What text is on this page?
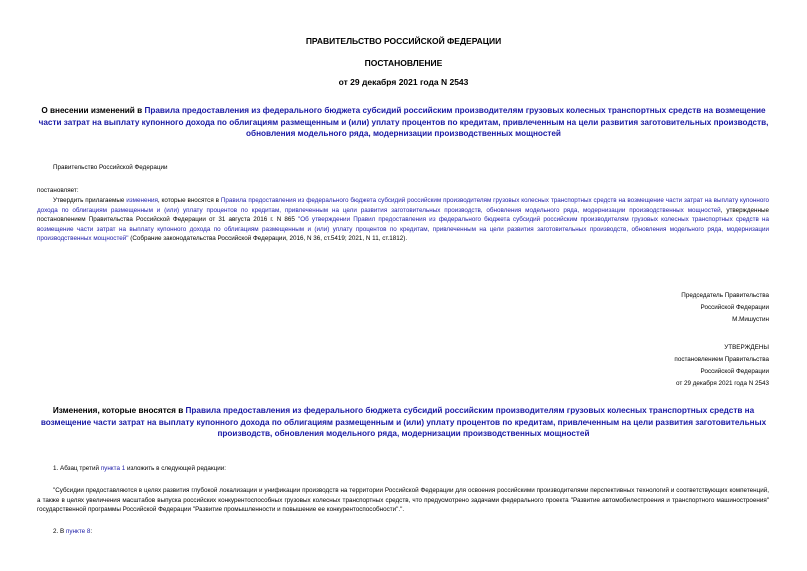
ПРАВИТЕЛЬСТВО РОССИЙСКОЙ ФЕДЕРАЦИИ
ПОСТАНОВЛЕНИЕ
от 29 декабря 2021 года N 2543
О внесении изменений в Правила предоставления из федерального бюджета субсидий российским производителям грузовых колесных транспортных средств на возмещение части затрат на выплату купонного дохода по облигациям размещенным и (или) уплату процентов по кредитам, привлеченным на цели развития заготовительных производств, обновления модельного ряда, модернизации производственных мощностей
Правительство Российской Федерации
постановляет:
Утвердить прилагаемые изменения, которые вносятся в Правила предоставления из федерального бюджета субсидий российским производителям грузовых колесных транспортных средств на возмещение части затрат на выплату купонного дохода по облигациям размещенным и (или) уплату процентов по кредитам, привлеченным на цели развития заготовительных производств, обновления модельного ряда, модернизации производственных мощностей, утвержденные постановлением Правительства Российской Федерации от 31 августа 2016 г. N 865 "Об утверждении Правил предоставления из федерального бюджета субсидий российским производителям грузовых колесных транспортных средств на возмещение части затрат на выплату купонного дохода по облигациям размещенным и (или) уплату процентов по кредитам, привлеченным на цели развития заготовительных производств, обновления модельного ряда, модернизации производственных мощностей" (Собрание законодательства Российской Федерации, 2016, N 36, ст.5419; 2021, N 11, ст.1812).
Председатель Правительства
Российской Федерации
М.Мишустин
УТВЕРЖДЕНЫ
постановлением Правительства
Российской Федерации
от 29 декабря 2021 года N 2543
Изменения, которые вносятся в Правила предоставления из федерального бюджета субсидий российским производителям грузовых колесных транспортных средств на возмещение части затрат на выплату купонного дохода по облигациям размещенным и (или) уплату процентов по кредитам, привлеченным на цели развития заготовительных производств, обновления модельного ряда, модернизации производственных мощностей
1. Абзац третий пункта 1 изложить в следующей редакции:
"Субсидии предоставляются в целях развития глубокой локализации и унификации производств на территории Российской Федерации для освоения российскими производителями перспективных технологий и соответствующих компетенций, а также в целях увеличения масштабов выпуска российских конкурентоспособных грузовых колесных транспортных средств, что предусмотрено задачами федерального проекта "Развитие автомобилестроения и транспортного машиностроения" государственной программы Российской Федерации "Развитие промышленности и повышение ее конкурентоспособности".".
2. В пункте 8:
